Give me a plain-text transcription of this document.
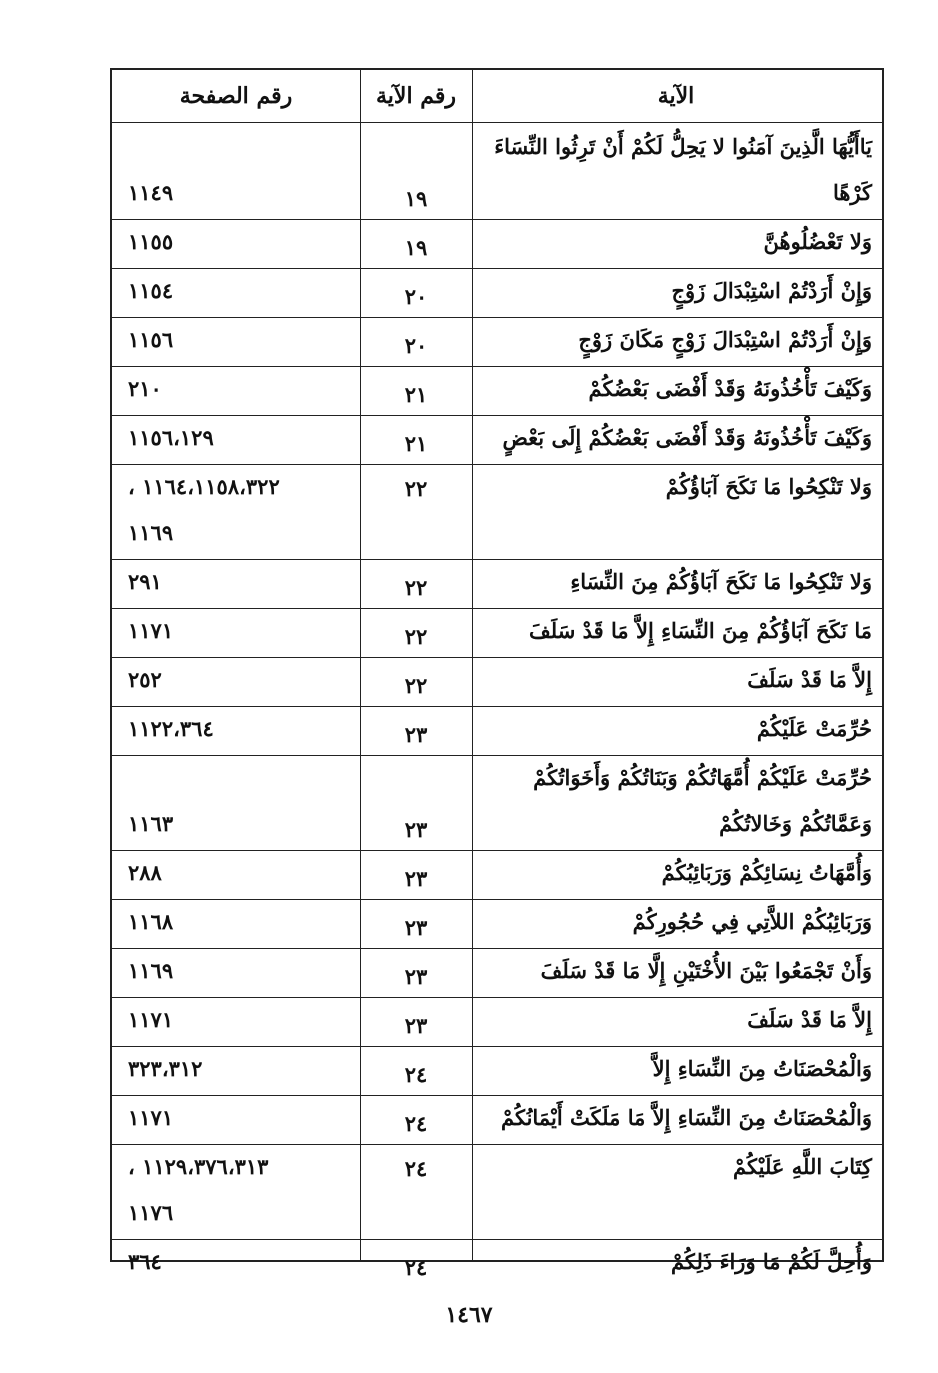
الآية
رقم الآية
رقم الصفحة
يَاأَيُّهَا الَّذِينَ آمَنُوا لا يَحِلُّ لَكُمْ أَنْ تَرِثُوا النِّسَاءَ
كَرْهًا
١٩
١١٤٩
وَلا تَعْضُلُوهُنَّ
١٩
١١٥٥
وَإِنْ أَرَدْتُمْ اسْتِبْدَالَ زَوْجٍ
٢٠
١١٥٤
وَإِنْ أَرَدْتُمْ اسْتِبْدَالَ زَوْجٍ مَكَانَ زَوْجٍ
٢٠
١١٥٦
وَكَيْفَ تَأْخُذُونَهُ وَقَدْ أَفْضَى بَعْضُكُمْ
٢١
٢١٠
وَكَيْفَ تَأْخُذُونَهُ وَقَدْ أَفْضَى بَعْضُكُمْ إِلَى بَعْضٍ
٢١
١١٥٦،١٢٩
وَلا تَنْكِحُوا مَا نَكَحَ آبَاؤُكُمْ
٢٢
١١٦٤،١١٥٨،٣٢٢ ،
١١٦٩
وَلا تَنْكِحُوا مَا نَكَحَ آبَاؤُكُمْ مِنَ النِّسَاءِ
٢٢
٢٩١
مَا نَكَحَ آبَاؤُكُمْ مِنَ النِّسَاءِ إِلاَّ مَا قَدْ سَلَفَ
٢٢
١١٧١
إِلاَّ مَا قَدْ سَلَفَ
٢٢
٢٥٢
حُرِّمَتْ عَلَيْكُمْ
٢٣
١١٢٢،٣٦٤
حُرِّمَتْ عَلَيْكُمْ أُمَّهَاتُكُمْ وَبَنَاتُكُمْ وَأَخَوَاتُكُمْ
وَعَمَّاتُكُمْ وَخَالاتُكُمْ
٢٣
١١٦٣
وَأُمَّهَاتُ نِسَائِكُمْ وَرَبَائِبُكُمْ
٢٣
٢٨٨
وَرَبَائِبُكُمْ اللاَّتِي فِي حُجُورِكُمْ
٢٣
١١٦٨
وَأَنْ تَجْمَعُوا بَيْنَ الأُخْتَيْنِ إِلَّا مَا قَدْ سَلَفَ
٢٣
١١٦٩
إِلاَّ مَا قَدْ سَلَفَ
٢٣
١١٧١
وَالْمُحْصَنَاتُ مِنَ النِّسَاءِ إِلاَّ
٢٤
٣٢٣،٣١٢
وَالْمُحْصَنَاتُ مِنَ النِّسَاءِ إِلاَّ مَا مَلَكَتْ أَيْمَانُكُمْ
٢٤
١١٧١
كِتَابَ اللَّهِ عَلَيْكُمْ
٢٤
١١٢٩،٣٧٦،٣١٣ ،
١١٧٦
وَأُحِلَّ لَكُمْ مَا وَرَاءَ ذَلِكُمْ
٢٤
٣٦٤
١٤٦٧
